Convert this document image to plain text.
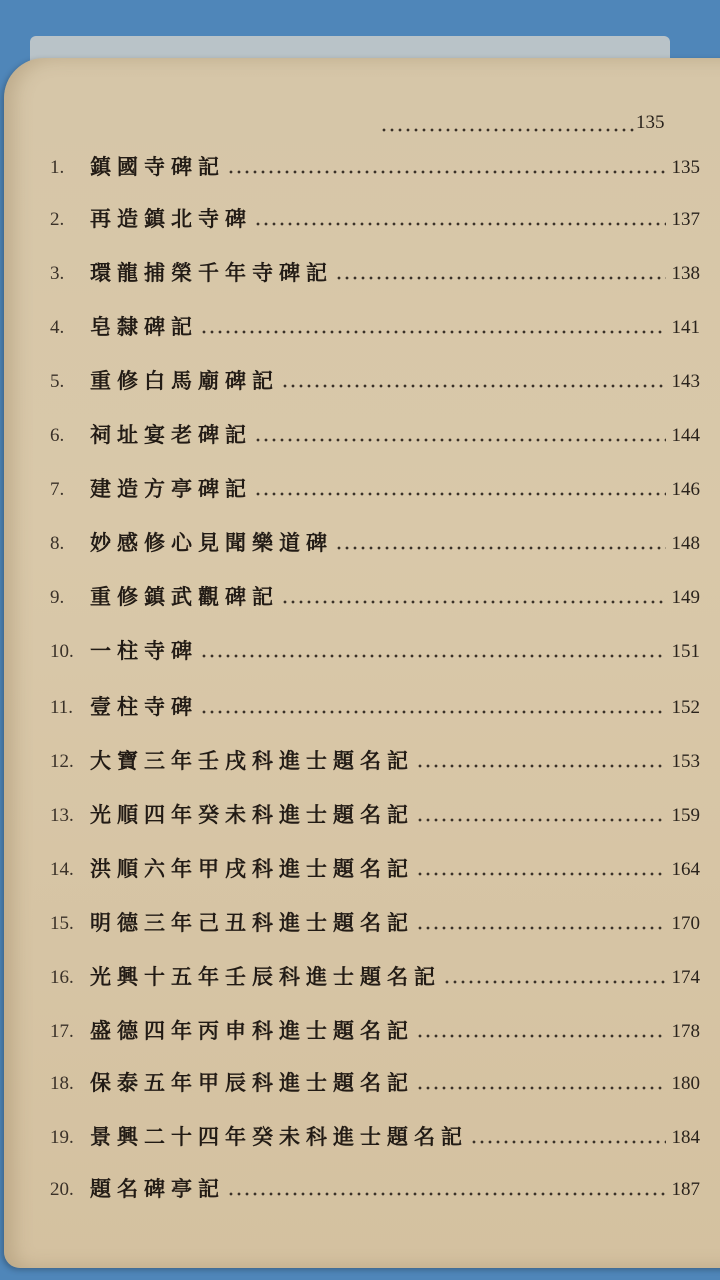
135
1.	鎮國寺碑記	135
2.	再造鎮北寺碑	137
3.	環龍捕榮千年寺碑記	138
4.	皂隸碑記	141
5.	重修白馬廟碑記	143
6.	祠址宴老碑記	144
7.	建造方亭碑記	146
8.	妙感修心見聞樂道碑	148
9.	重修鎮武觀碑記	149
10. 一柱寺碑	151
11. 壹柱寺碑	152
12. 大寶三年壬戌科進士題名記	153
13. 光順四年癸未科進士題名記	159
14. 洪順六年甲戌科進士題名記	164
15. 明德三年己丑科進士題名記	170
16. 光興十五年壬辰科進士題名記	174
17. 盛德四年丙申科進士題名記	178
18. 保泰五年甲辰科進士題名記	180
19. 景興二十四年癸未科進士題名記	184
20. 題名碑亭記	187
